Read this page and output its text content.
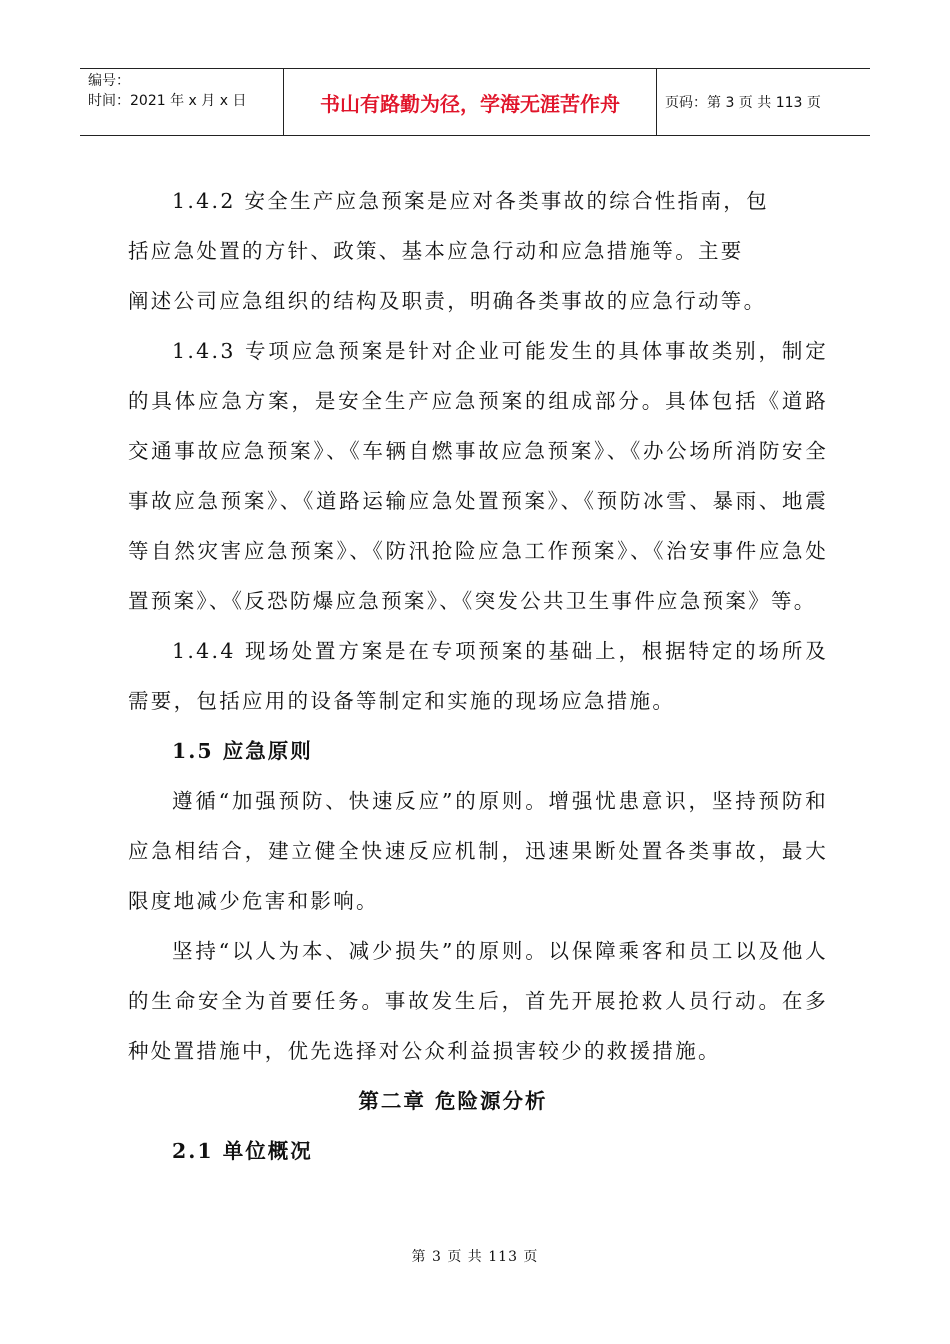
编号：
时间：2021 年 x 月 x 日	书山有路勤为径，学海无涯苦作舟	页码：第 3 页 共 113 页

1.4.2 安全生产应急预案是应对各类事故的综合性指南，包

括应急处置的方针、政策、基本应急行动和应急措施等。主要

阐述公司应急组织的结构及职责，明确各类事故的应急行动等。

1.4.3 专项应急预案是针对企业可能发生的具体事故类别，制定的具体应急方案，是安全生产应急预案的组成部分。具体包括《道路交通事故应急预案》、《车辆自燃事故应急预案》、《办公场所消防安全事故应急预案》、《道路运输应急处置预案》、《预防冰雪、暴雨、地震等自然灾害应急预案》、《防汛抢险应急工作预案》、《治安事件应急处置预案》、《反恐防爆应急预案》、《突发公共卫生事件应急预案》等。

1.4.4 现场处置方案是在专项预案的基础上，根据特定的场所及需要，包括应用的设备等制定和实施的现场应急措施。

1.5 应急原则

遵循“加强预防、快速反应”的原则。增强忧患意识，坚持预防和应急相结合，建立健全快速反应机制，迅速果断处置各类事故，最大限度地减少危害和影响。

坚持“以人为本、减少损失”的原则。以保障乘客和员工以及他人的生命安全为首要任务。事故发生后，首先开展抢救人员行动。在多种处置措施中，优先选择对公众利益损害较少的救援措施。

第二章 危险源分析

2.1 单位概况

第 3 页 共 113 页
